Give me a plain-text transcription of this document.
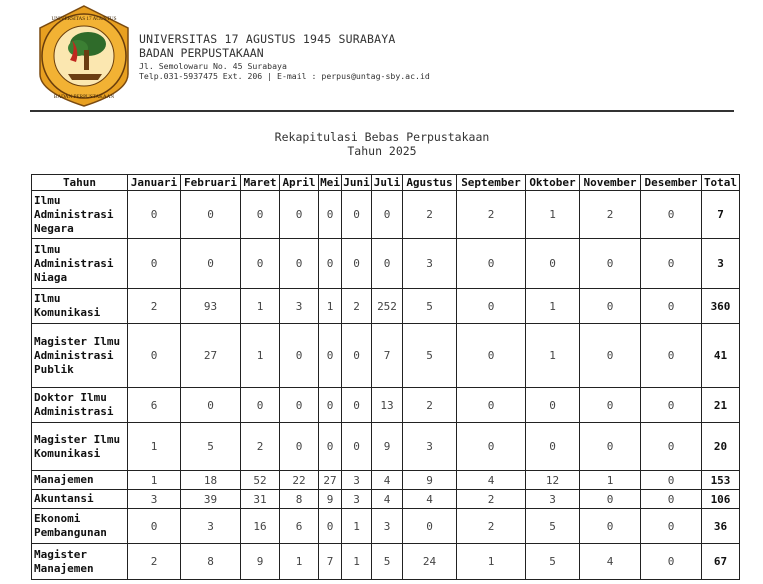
UNIVERSITAS 17 AGUSTUS
BADAN PERPUSTAKAAN
UNIVERSITAS 17 AGUSTUS 1945 SURABAYA
BADAN PERPUSTAKAAN
Jl. Semolowaru No. 45 Surabaya
Telp.031-5937475 Ext. 206 | E-mail : perpus@untag-sby.ac.id
Rekapitulasi Bebas Perpustakaan
Tahun 2025
Tahun	Januari	Februari	Maret	April	Mei	Juni	Juli	Agustus	September	Oktober	November	Desember	Total
Ilmu Administrasi Negara	0	0	0	0	0	0	0	2	2	1	2	0	7
Ilmu Administrasi Niaga	0	0	0	0	0	0	0	3	0	0	0	0	3
Ilmu Komunikasi	2	93	1	3	1	2	252	5	0	1	0	0	360
Magister Ilmu Administrasi Publik	0	27	1	0	0	0	7	5	0	1	0	0	41
Doktor Ilmu Administrasi	6	0	0	0	0	0	13	2	0	0	0	0	21
Magister Ilmu Komunikasi	1	5	2	0	0	0	9	3	0	0	0	0	20
Manajemen	1	18	52	22	27	3	4	9	4	12	1	0	153
Akuntansi	3	39	31	8	9	3	4	4	2	3	0	0	106
Ekonomi Pembangunan	0	3	16	6	0	1	3	0	2	5	0	0	36
Magister Manajemen	2	8	9	1	7	1	5	24	1	5	4	0	67
